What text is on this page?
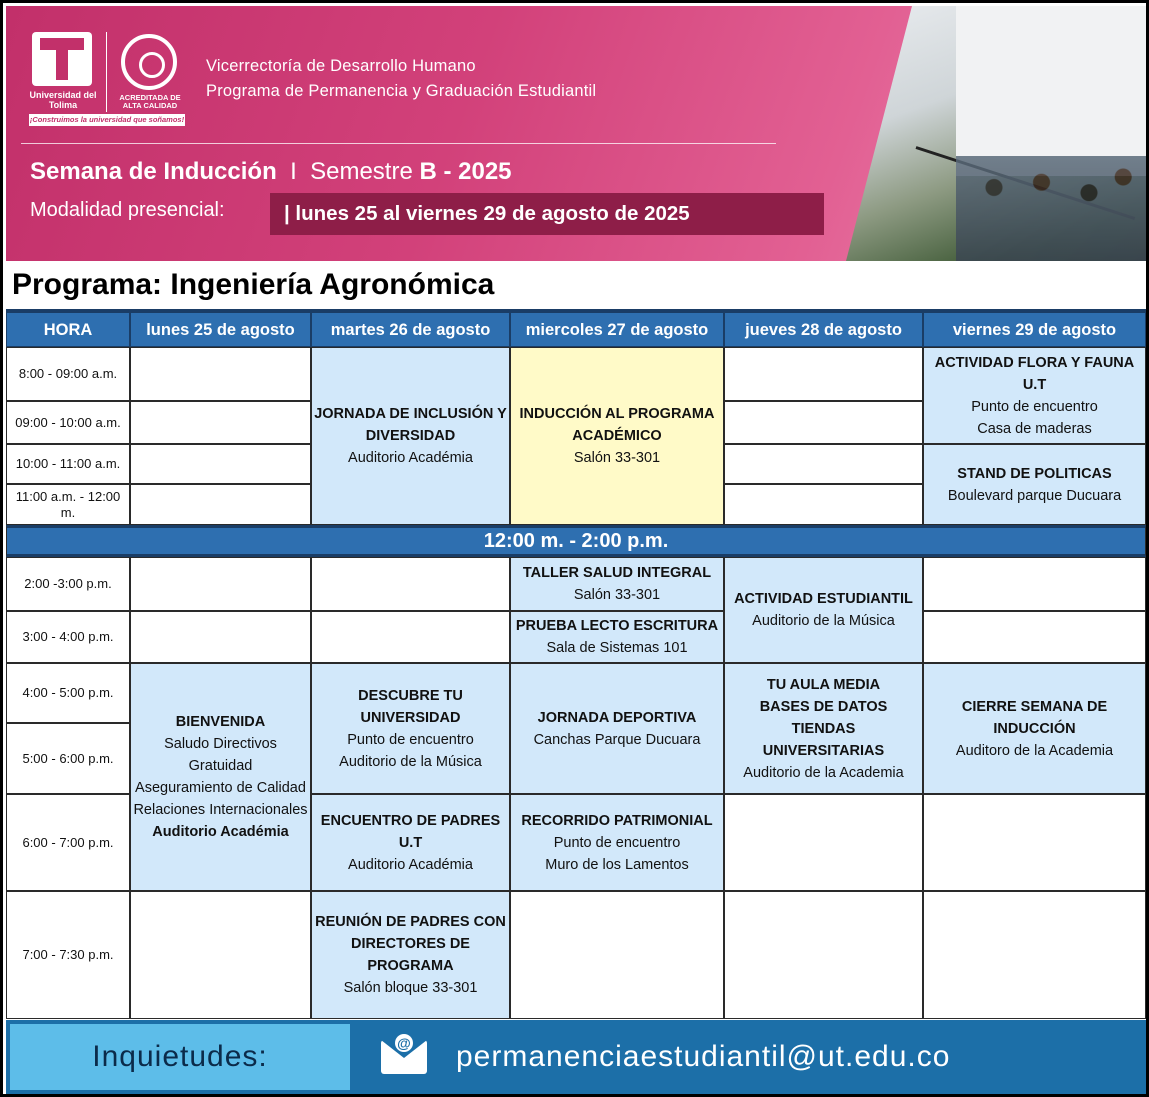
Universidad del Tolima
ACREDITADA DE ALTA CALIDAD
¡Construimos la universidad que soñamos!
Vicerrectoría de Desarrollo Humano
Programa de Permanencia y Graduación Estudiantil
Semana de Inducción I Semestre B - 2025
Modalidad presencial:	| lunes 25 al viernes 29 de agosto de 2025
Programa: Ingeniería Agronómica
HORA	lunes 25 de agosto	martes 26 de agosto	miercoles 27 de agosto	jueves 28 de agosto	viernes 29 de agosto
8:00 - 09:00 a.m.
09:00 - 10:00 a.m.
10:00 - 11:00 a.m.
11:00 a.m. - 12:00 m.
JORNADA DE INCLUSIÓN Y DIVERSIDAD
Auditorio Académia
INDUCCIÓN AL PROGRAMA ACADÉMICO
Salón 33-301
ACTIVIDAD FLORA Y FAUNA U.T
Punto de encuentro
Casa de maderas
STAND DE POLITICAS
Boulevard parque Ducuara
12:00 m. - 2:00 p.m.
2:00 -3:00 p.m.
3:00 - 4:00 p.m.
4:00 - 5:00 p.m.
5:00 - 6:00 p.m.
6:00 - 7:00 p.m.
7:00 - 7:30 p.m.
BIENVENIDA
Saludo Directivos
Gratuidad
Aseguramiento de Calidad
Relaciones Internacionales
Auditorio Académia
DESCUBRE TU UNIVERSIDAD
Punto de encuentro
Auditorio de la Música
ENCUENTRO DE PADRES U.T
Auditorio Académia
REUNIÓN DE PADRES CON DIRECTORES DE PROGRAMA
Salón bloque 33-301
TALLER SALUD INTEGRAL
Salón 33-301
PRUEBA LECTO ESCRITURA
Sala de Sistemas 101
JORNADA DEPORTIVA
Canchas Parque Ducuara
RECORRIDO PATRIMONIAL
Punto de encuentro
Muro de los Lamentos
ACTIVIDAD ESTUDIANTIL
Auditorio de la Música
TU AULA MEDIA BASES DE DATOS TIENDAS UNIVERSITARIAS
Auditorio de la Academia
CIERRE SEMANA DE INDUCCIÓN
Auditoro de la Academia
Inquietudes:
@	permanenciaestudiantil@ut.edu.co
